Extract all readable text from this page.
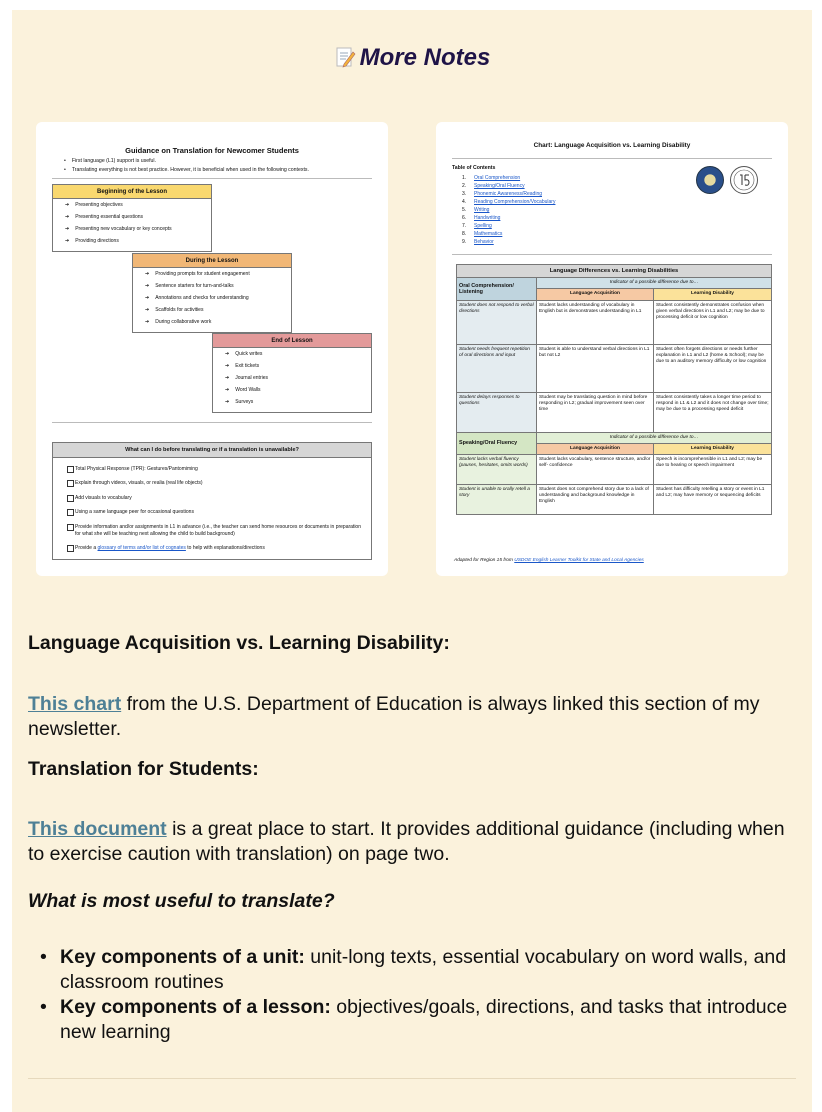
More Notes
Guidance on Translation for Newcomer Students
• First language (L1) support is useful.
• Translating everything is not best practice. However, it is beneficial when used in the following contexts.
Beginning of the Lesson
➔ Presenting objectives
➔ Presenting essential questions
➔ Presenting new vocabulary or key concepts
➔ Providing directions
During the Lesson
➔ Providing prompts for student engagement
➔ Sentence starters for turn-and-talks
➔ Annotations and checks for understanding
➔ Scaffolds for activities
➔ During collaborative work
End of Lesson
➔ Quick writes
➔ Exit tickets
➔ Journal entries
➔ Word Walls
➔ Surveys
What can I do before translating or if a translation is unavailable?
Total Physical Response (TPR): Gestures/Pantomiming
Explain through videos, visuals, or realia (real life objects)
Add visuals to vocabulary
Using a same language peer for occasional questions
Provide information and/or assignments in L1 in advance (i.e., the teacher can send home resources or documents in preparation for what she will be teaching next allowing the child to build background)
Provide a glossary of terms and/or list of cognates to help with explanations/directions
Chart: Language Acquisition vs. Learning Disability
Table of Contents
1. Oral Comprehension
2. Speaking/Oral Fluency
3. Phonemic Awareness/Reading
4. Reading Comprehension/Vocabulary
5. Writing
6. Handwriting
7. Spelling
8. Mathematics
9. Behavior
Language Differences vs. Learning Disabilities		
Oral Comprehension/ Listening	Indicator of a possible difference due to…	
	Language Acquisition	Learning Disability
Student does not respond to verbal directions	Student lacks understanding of vocabulary in English but is demonstrates understanding in L1	Student consistently demonstrates confusion when given verbal directions in L1 and L2; may be due to processing deficit or low cognition
Student needs frequent repetition of oral directions and input	Student is able to understand verbal directions in L1 but not L2	Student often forgets directions or needs further explanation in L1 and L2 (home & School); may be due to an auditory memory difficulty or low cognition
Student delays responses to questions	Student may be translating question in mind before responding in L2; gradual improvement seen over time	Student consistently takes a longer time period to respond in L1 & L2 and it does not change over time; may be due to a processing speed deficit
Speaking/Oral Fluency	Indicator of a possible difference due to…	
	Language Acquisition	Learning Disability
Student lacks verbal fluency (pauses, hesitates, omits words)	Student lacks vocabulary, sentence structure, and/or self- confidence	Speech is incomprehensible in L1 and L2; may be due to hearing or speech impairment
Student is unable to orally retell a story	Student does not comprehend story due to a lack of understanding and background knowledge in English	Student has difficulty retelling a story or event in L1 and L2; may have memory or sequencing deficits
Adapted for Region 15 from USDOE English Learner Toolkit for State and Local Agencies
Language Acquisition vs. Learning Disability:
This chart from the U.S. Department of Education is always linked this section of my newsletter.
Translation for Students:
This document is a great place to start. It provides additional guidance (including when to exercise caution with translation) on page two.
What is most useful to translate?
• Key components of a unit: unit-long texts, essential vocabulary on word walls, and classroom routines
• Key components of a lesson: objectives/goals, directions, and tasks that introduce new learning
